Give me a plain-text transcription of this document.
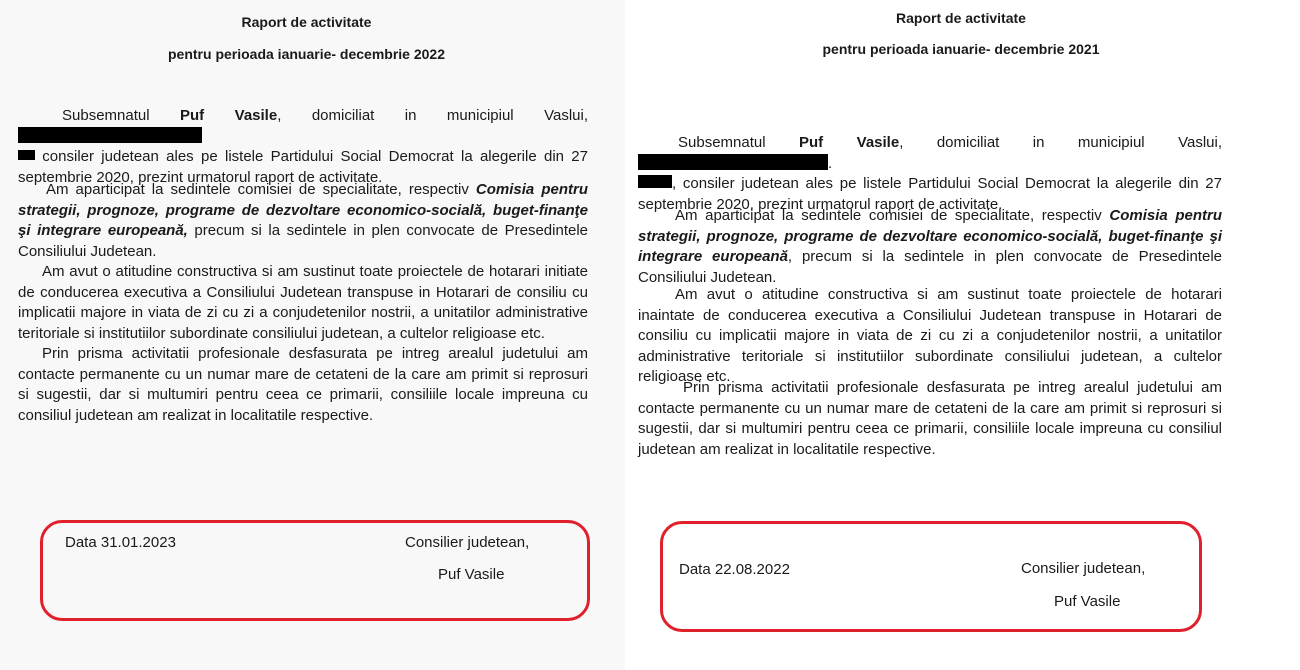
Raport de activitate
pentru perioada ianuarie- decembrie 2022

Subsemnatul Puf Vasile, domiciliat in municipiul Vaslui,
consiler judetean ales pe listele Partidului Social Democrat la alegerile din 27 septembrie 2020, prezint urmatorul raport de activitate.

Am aparticipat la sedintele comisiei de specialitate, respectiv Comisia pentru strategii, prognoze, programe de dezvoltare economico-socială, buget-finanţe şi integrare europeană, precum si la sedintele in plen convocate de Presedintele Consiliului Judetean.

Am avut o atitudine constructiva si am sustinut toate proiectele de hotarari initiate de conducerea executiva a Consiliului Judetean transpuse in Hotarari de consiliu cu implicatii majore in viata de zi cu zi a conjudetenilor nostrii, a unitatilor administrative teritoriale si institutiilor subordinate consiliului judetean, a cultelor religioase etc.

Prin prisma activitatii profesionale desfasurata pe intreg arealul judetului am contacte permanente cu un numar mare de cetateni de la care am primit si reprosuri si sugestii, dar si multumiri pentru ceea ce primarii, consiliile locale impreuna cu consiliul judetean am realizat in localitatile respective.

Data 31.01.2023	Consilier judetean,
Puf Vasile
Raport de activitate
pentru perioada ianuarie- decembrie 2021

Subsemnatul Puf Vasile, domiciliat in municipiul Vaslui, .
, consiler judetean ales pe listele Partidului Social Democrat la alegerile din 27 septembrie 2020, prezint urmatorul raport de activitate.

Am aparticipat la sedintele comisiei de specialitate, respectiv Comisia pentru strategii, prognoze, programe de dezvoltare economico-socială, buget-finanţe şi integrare europeană, precum si la sedintele in plen convocate de Presedintele Consiliului Judetean.

Am avut o atitudine constructiva si am sustinut toate proiectele de hotarari inaintate de conducerea executiva a Consiliului Judetean transpuse in Hotarari de consiliu cu implicatii majore in viata de zi cu zi a conjudetenilor nostrii, a unitatilor administrative teritoriale si institutiilor subordinate consiliului judetean, a cultelor religioase etc.

Prin prisma activitatii profesionale desfasurata pe intreg arealul judetului am contacte permanente cu un numar mare de cetateni de la care am primit si reprosuri si sugestii, dar si multumiri pentru ceea ce primarii, consiliile locale impreuna cu consiliul judetean am realizat in localitatile respective.

Data 22.08.2022	Consilier judetean,
Puf Vasile
